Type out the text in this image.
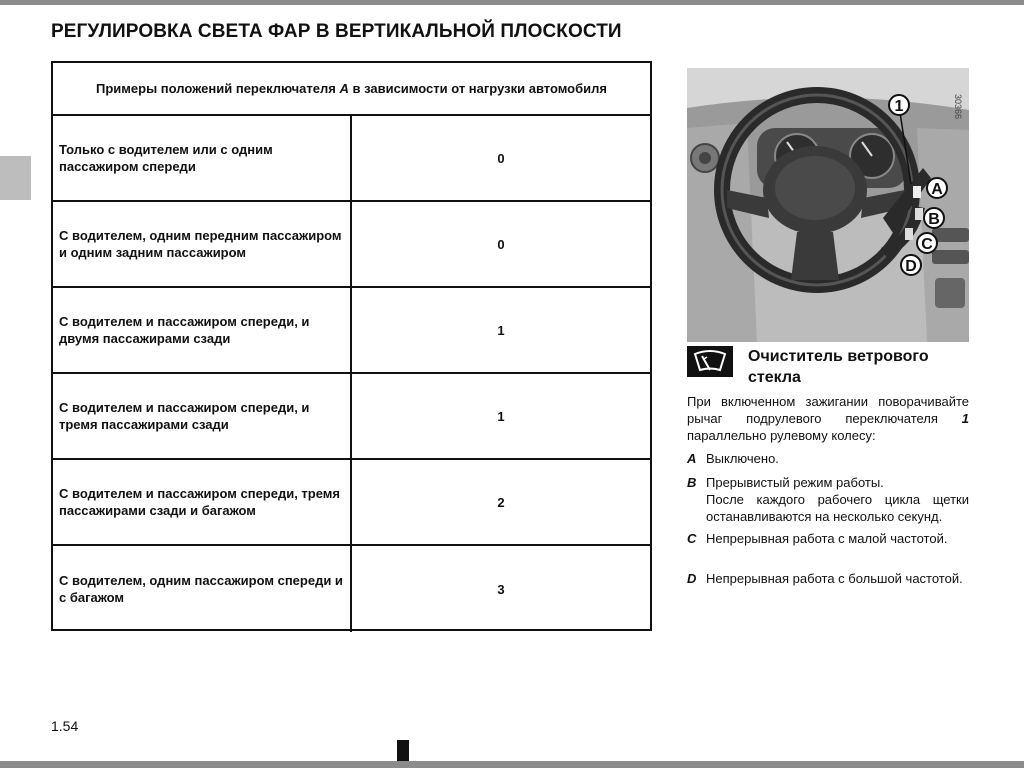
РЕГУЛИРОВКА СВЕТА ФАР В ВЕРТИКАЛЬНОЙ ПЛОСКОСТИ
Примеры положений переключателя A в зависимости от нагрузки автомобиля
Только с водителем или с одним пассажиром спереди
0
С водителем, одним передним пассажиром и одним задним пассажиром
0
С водителем и пассажиром спереди, и двумя пассажирами сзади
1
С водителем и пассажиром спереди, и тремя пассажирами сзади
1
С водителем и пассажиром спереди, тремя пассажирами сзади и багажом
2
С водителем, одним пассажиром спереди и с багажом
3
1
A
B
C
D
30366
Очиститель ветрового стекла
При включенном зажигании поворачивайте рычаг подрулевого переключателя 1 параллельно рулевому колесу:
A Выключено.
B Прерывистый режим работы.
После каждого рабочего цикла щетки останавливаются на несколько секунд.
C Непрерывная работа с малой частотой.
D Непрерывная работа с большой частотой.
1.54
